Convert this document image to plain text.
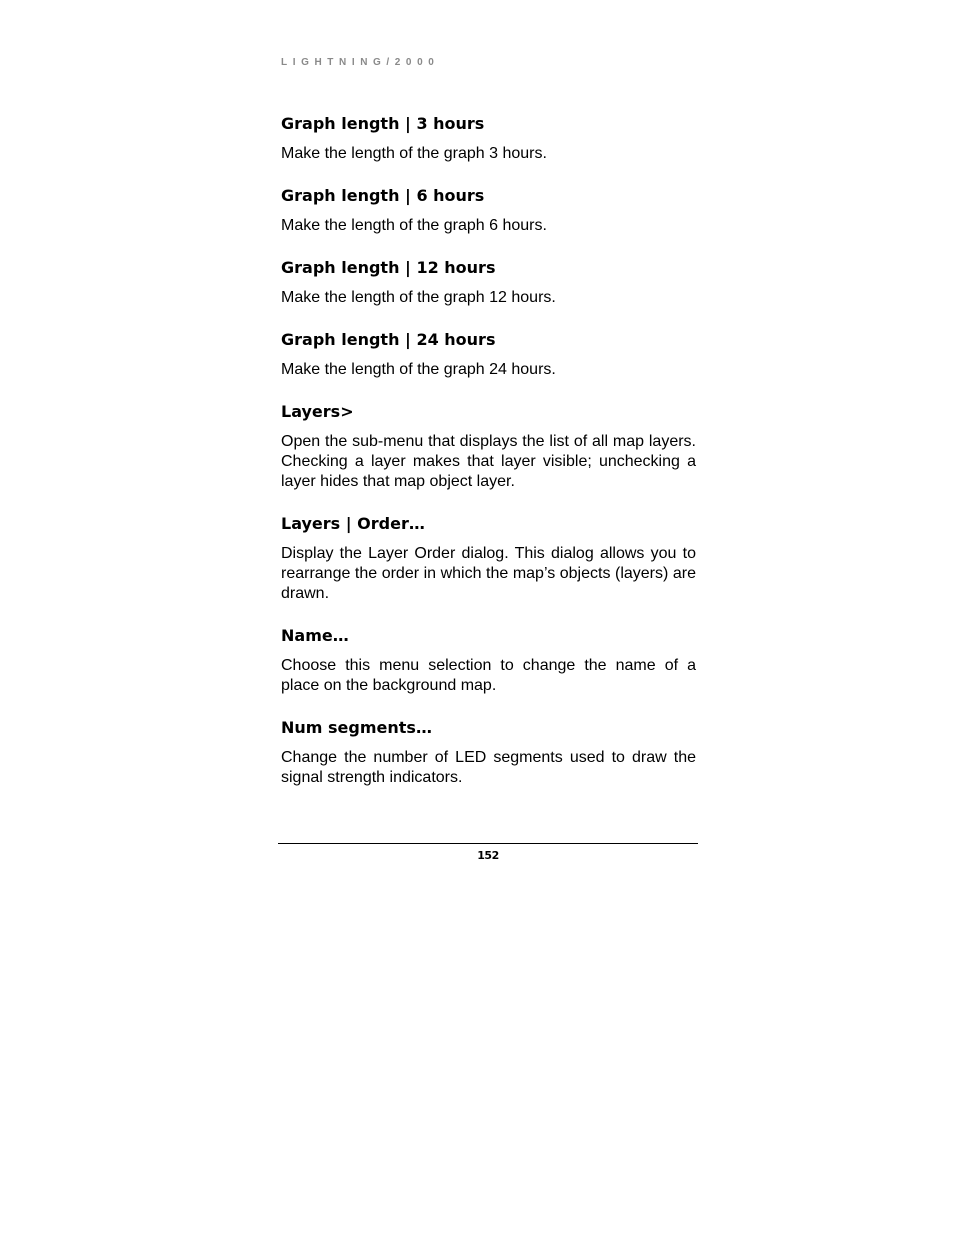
LIGHTNING/2000
Graph length | 3 hours

Make the length of the graph 3 hours.

Graph length | 6 hours

Make the length of the graph 6 hours.

Graph length | 12 hours

Make the length of the graph 12 hours.

Graph length | 24 hours

Make the length of the graph 24 hours.

Layers>

Open the sub-menu that displays the list of all map layers. Checking a layer makes that layer visible; unchecking a layer hides that map object layer.

Layers | Order…

Display the Layer Order dialog. This dialog allows you to rearrange the order in which the map’s objects (layers) are drawn.

Name…

Choose this menu selection to change the name of a place on the background map.

Num segments…

Change the number of LED segments used to draw the signal strength indicators.

152
